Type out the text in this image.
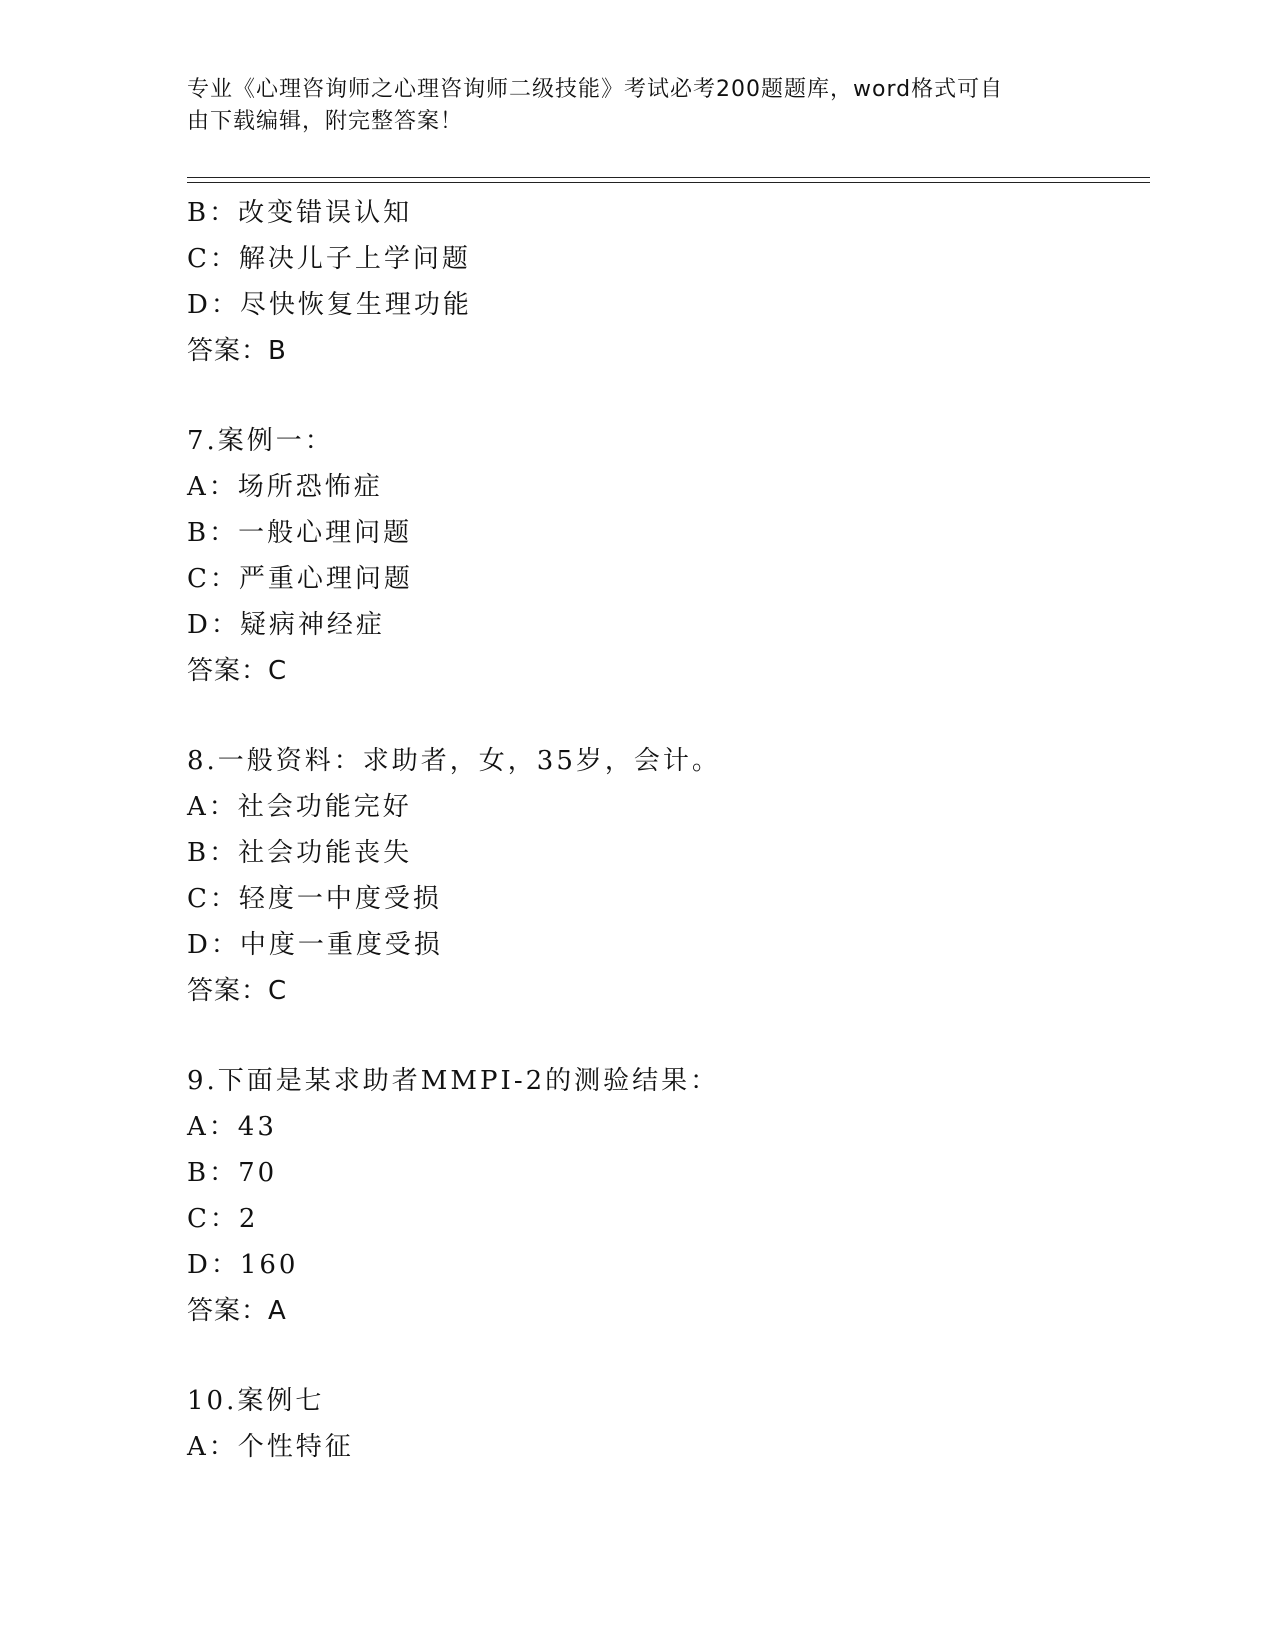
专业《心理咨询师之心理咨询师二级技能》考试必考200题题库，word格式可自
由下载编辑，附完整答案！
B：改变错误认知
C：解决儿子上学问题
D：尽快恢复生理功能
答案：B
7.案例一：
A：场所恐怖症
B：一般心理问题
C：严重心理问题
D：疑病神经症
答案：C
8.一般资料：求助者，女，35岁，会计。
A：社会功能完好
B：社会功能丧失
C：轻度一中度受损
D：中度一重度受损
答案：C
9.下面是某求助者MMPI-2的测验结果：
A：43
B：70
C：2
D：160
答案：A
10.案例七
A：个性特征
